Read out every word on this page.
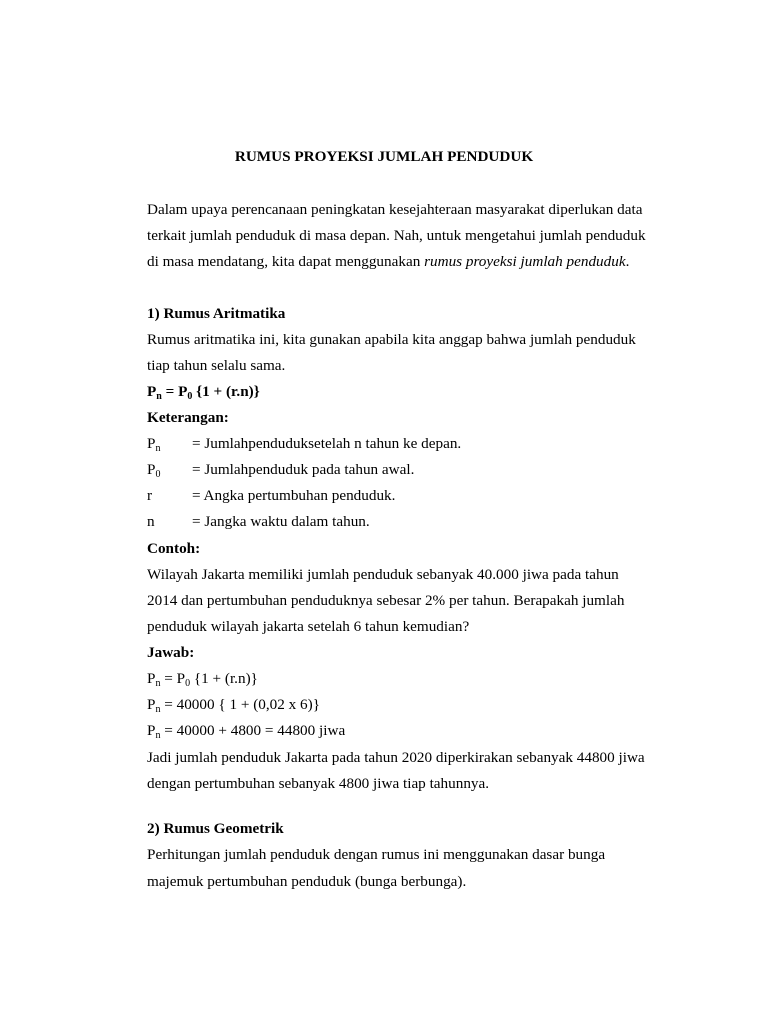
RUMUS PROYEKSI JUMLAH PENDUDUK
Dalam upaya perencanaan peningkatan kesejahteraan masyarakat diperlukan data
terkait jumlah penduduk di masa depan. Nah, untuk mengetahui jumlah penduduk
di masa mendatang, kita dapat menggunakan rumus proyeksi jumlah penduduk.
1) Rumus Aritmatika
Rumus aritmatika ini, kita gunakan apabila kita anggap bahwa jumlah penduduk
tiap tahun selalu sama.
$P_n = P_0$ {1 + (r.n)}
Keterangan:
$P_n$ = Jumlahpenduduksetelah n tahun ke depan.
$P_0$ = Jumlahpenduduk pada tahun awal.
r	= Angka pertumbuhan penduduk.
n = Jangka waktu dalam tahun.
Contoh:
Wilayah Jakarta memiliki jumlah penduduk sebanyak 40.000 jiwa pada tahun
2014 dan pertumbuhan penduduknya sebesar 2% per tahun. Berapakah jumlah
penduduk wilayah jakarta setelah 6 tahun kemudian?
Jawab:
$P_n = P_0$ {1 + (r.n)}
$P_n = 40000$ { 1 + (0,02 x 6)}
$P_n = 40000 + 4800 = 44800$ jiwa
Jadi jumlah penduduk Jakarta pada tahun 2020 diperkirakan sebanyak 44800 jiwa
dengan pertumbuhan sebanyak 4800 jiwa tiap tahunnya.
2) Rumus Geometrik
Perhitungan jumlah penduduk dengan rumus ini menggunakan dasar bunga
majemuk pertumbuhan penduduk (bunga berbunga).
